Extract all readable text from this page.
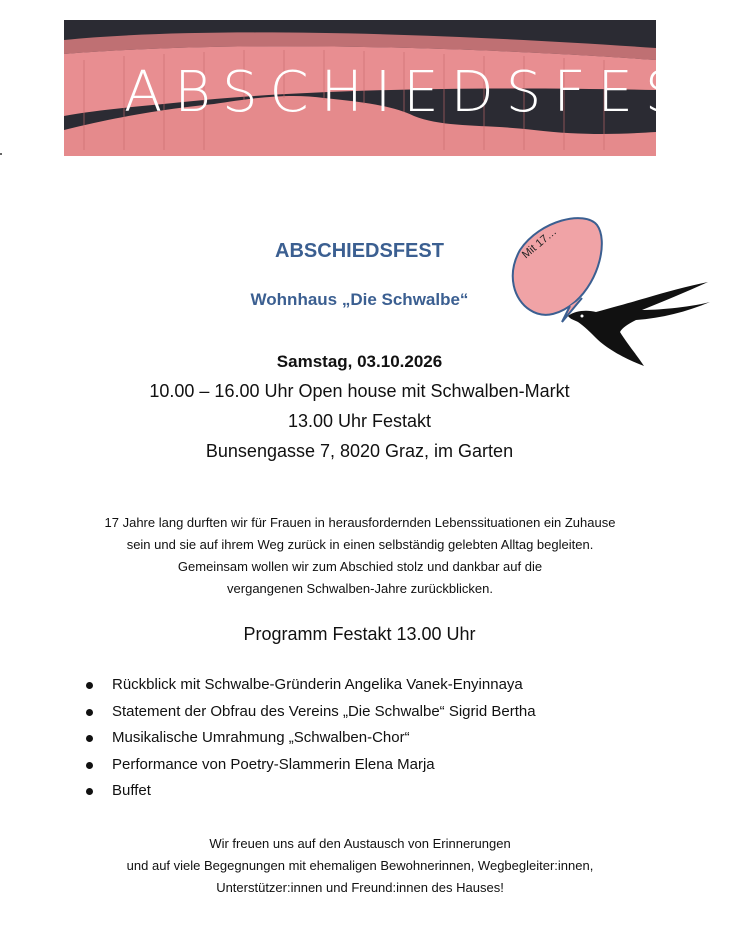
ABSCHIEDSFEST
ABSCHIEDSFEST
Wohnhaus „Die Schwalbe“
Mit 17…
Samstag, 03.10.2026
10.00 – 16.00 Uhr Open house mit Schwalben-Markt
13.00 Uhr Festakt
Bunsengasse 7, 8020 Graz, im Garten
17 Jahre lang durften wir für Frauen in herausfordernden Lebenssituationen ein Zuhause
sein und sie auf ihrem Weg zurück in einen selbständig gelebten Alltag begleiten.
Gemeinsam wollen wir zum Abschied stolz und dankbar auf die
vergangenen Schwalben-Jahre zurückblicken.
Programm Festakt 13.00 Uhr
Rückblick mit Schwalbe-Gründerin Angelika Vanek-Enyinnaya
Statement der Obfrau des Vereins „Die Schwalbe“ Sigrid Bertha
Musikalische Umrahmung „Schwalben-Chor“
Performance von Poetry-Slammerin Elena Marja
Buffet
Wir freuen uns auf den Austausch von Erinnerungen
und auf viele Begegnungen mit ehemaligen Bewohnerinnen, Wegbegleiter:innen,
Unterstützer:innen und Freund:innen des Hauses!
